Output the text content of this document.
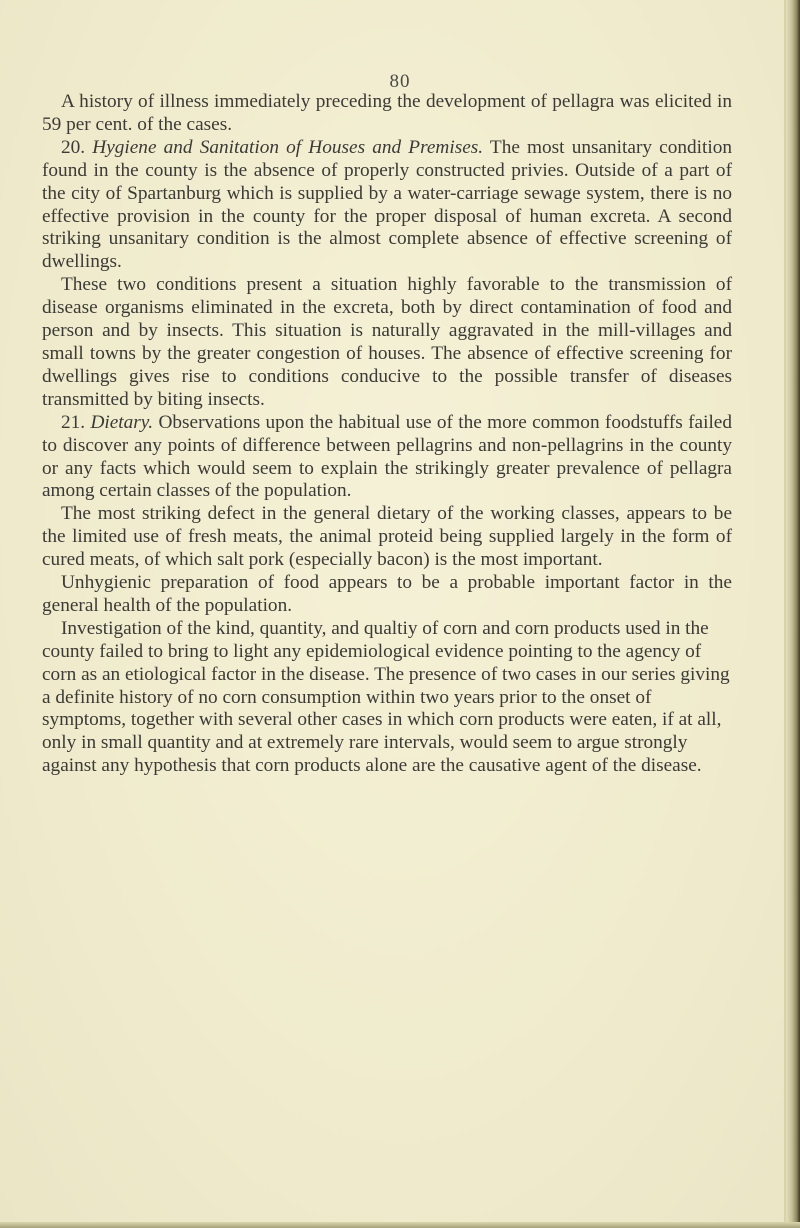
80

A history of illness immediately preceding the development of pellagra was elicited in 59 per cent. of the cases.

20. Hygiene and Sanitation of Houses and Premises. The most unsanitary condition found in the county is the absence of properly constructed privies. Outside of a part of the city of Spartanburg which is supplied by a water-carriage sewage system, there is no effective provision in the county for the proper disposal of human excreta. A second striking unsanitary condition is the almost complete absence of effective screening of dwellings.

These two conditions present a situation highly favorable to the transmission of disease organisms eliminated in the excreta, both by direct contamination of food and person and by insects. This situation is naturally aggravated in the mill-villages and small towns by the greater congestion of houses. The absence of effective screening for dwellings gives rise to conditions conducive to the possible transfer of diseases transmitted by biting insects.

21. Dietary. Observations upon the habitual use of the more common foodstuffs failed to discover any points of difference between pellagrins and non-pellagrins in the county or any facts which would seem to explain the strikingly greater prevalence of pellagra among certain classes of the population.

The most striking defect in the general dietary of the working classes, appears to be the limited use of fresh meats, the animal proteid being supplied largely in the form of cured meats, of which salt pork (especially bacon) is the most important.

Unhygienic preparation of food appears to be a probable important factor in the general health of the population.

Investigation of the kind, quantity, and qualtiy of corn and corn products used in the county failed to bring to light any epidemiological evidence pointing to the agency of corn as an etiological factor in the disease. The presence of two cases in our series giving a definite history of no corn consumption within two years prior to the onset of symptoms, together with several other cases in which corn products were eaten, if at all, only in small quantity and at extremely rare intervals, would seem to argue strongly against any hypothesis that corn products alone are the causative agent of the disease.
